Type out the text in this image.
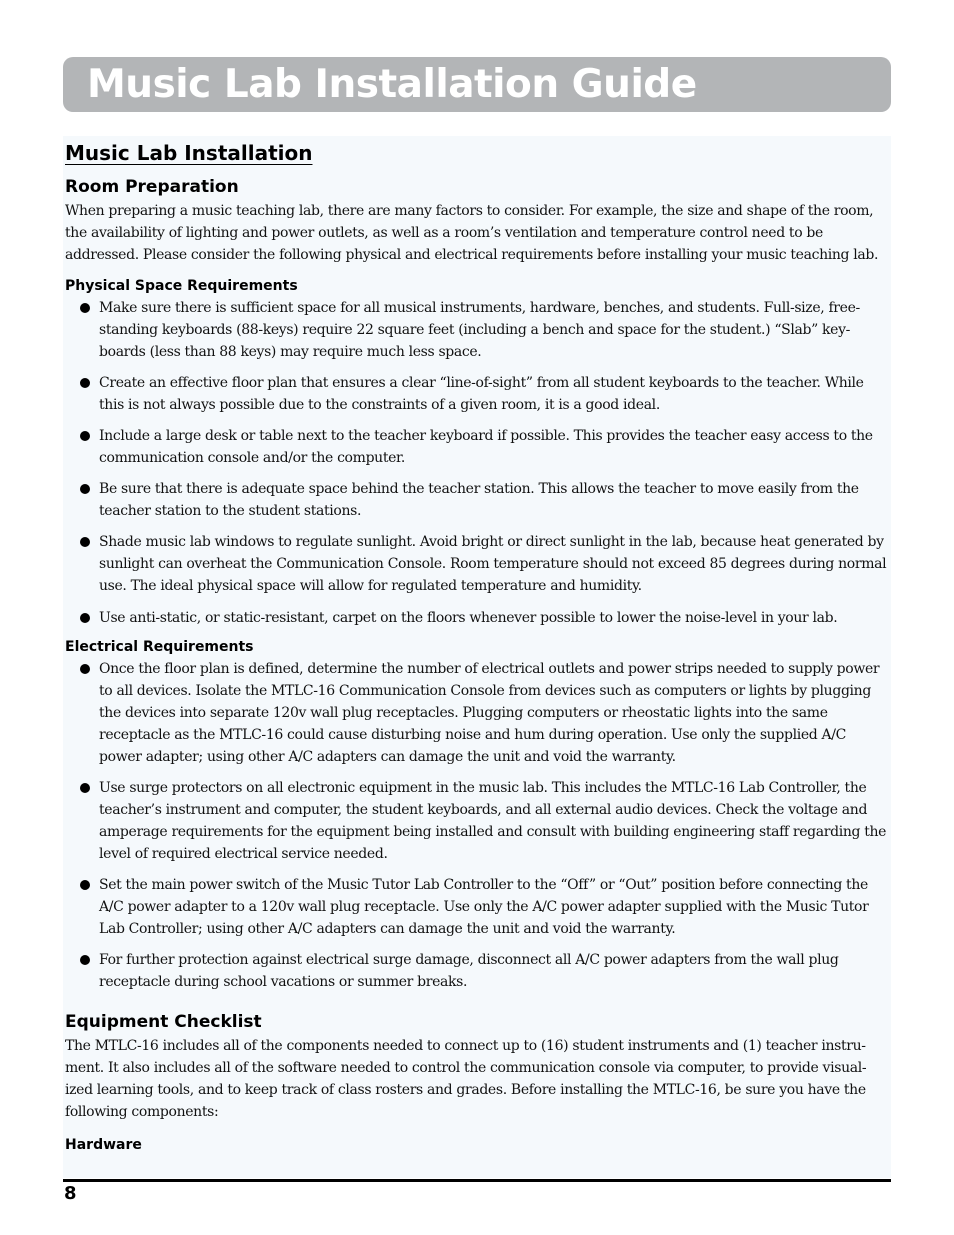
Music Lab Installation Guide
Music Lab Installation
Room Preparation

When preparing a music teaching lab, there are many factors to consider. For example, the size and shape of the room, the availability of lighting and power outlets, as well as a room’s ventilation and temperature control need to be addressed. Please consider the following physical and electrical requirements before installing your music teaching lab.

Physical Space Requirements
Make sure there is sufficient space for all musical instruments, hardware, benches, and students. Full-size, free-standing keyboards (88-keys) require 22 square feet (including a bench and space for the student.) “Slab” key-boards (less than 88 keys) may require much less space.
Create an effective floor plan that ensures a clear “line-of-sight” from all student keyboards to the teacher. While this is not always possible due to the constraints of a given room, it is a good ideal.
Include a large desk or table next to the teacher keyboard if possible. This provides the teacher easy access to the communication console and/or the computer.
Be sure that there is adequate space behind the teacher station. This allows the teacher to move easily from the teacher station to the student stations.
Shade music lab windows to regulate sunlight. Avoid bright or direct sunlight in the lab, because heat generated by sunlight can overheat the Communication Console. Room temperature should not exceed 85 degrees during normal use. The ideal physical space will allow for regulated temperature and humidity.
Use anti-static, or static-resistant, carpet on the floors whenever possible to lower the noise-level in your lab.
Electrical Requirements
Once the floor plan is defined, determine the number of electrical outlets and power strips needed to supply power to all devices. Isolate the MTLC-16 Communication Console from devices such as computers or lights by plugging the devices into separate 120v wall plug receptacles. Plugging computers or rheostatic lights into the same receptacle as the MTLC-16 could cause disturbing noise and hum during operation. Use only the supplied A/C power adapter; using other A/C adapters can damage the unit and void the warranty.
Use surge protectors on all electronic equipment in the music lab. This includes the MTLC-16 Lab Controller, the teacher’s instrument and computer, the student keyboards, and all external audio devices. Check the voltage and amperage requirements for the equipment being installed and consult with building engineering staff regarding the level of required electrical service needed.
Set the main power switch of the Music Tutor Lab Controller to the “Off” or “Out” position before connecting the A/C power adapter to a 120v wall plug receptacle. Use only the A/C power adapter supplied with the Music Tutor Lab Controller; using other A/C adapters can damage the unit and void the warranty.
For further protection against electrical surge damage, disconnect all A/C power adapters from the wall plug receptacle during school vacations or summer breaks.
Equipment Checklist

The MTLC-16 includes all of the components needed to connect up to (16) student instruments and (1) teacher instru-ment. It also includes all of the software needed to control the communication console via computer, to provide visual-ized learning tools, and to keep track of class rosters and grades. Before installing the MTLC-16, be sure you have the following components:

Hardware
8
